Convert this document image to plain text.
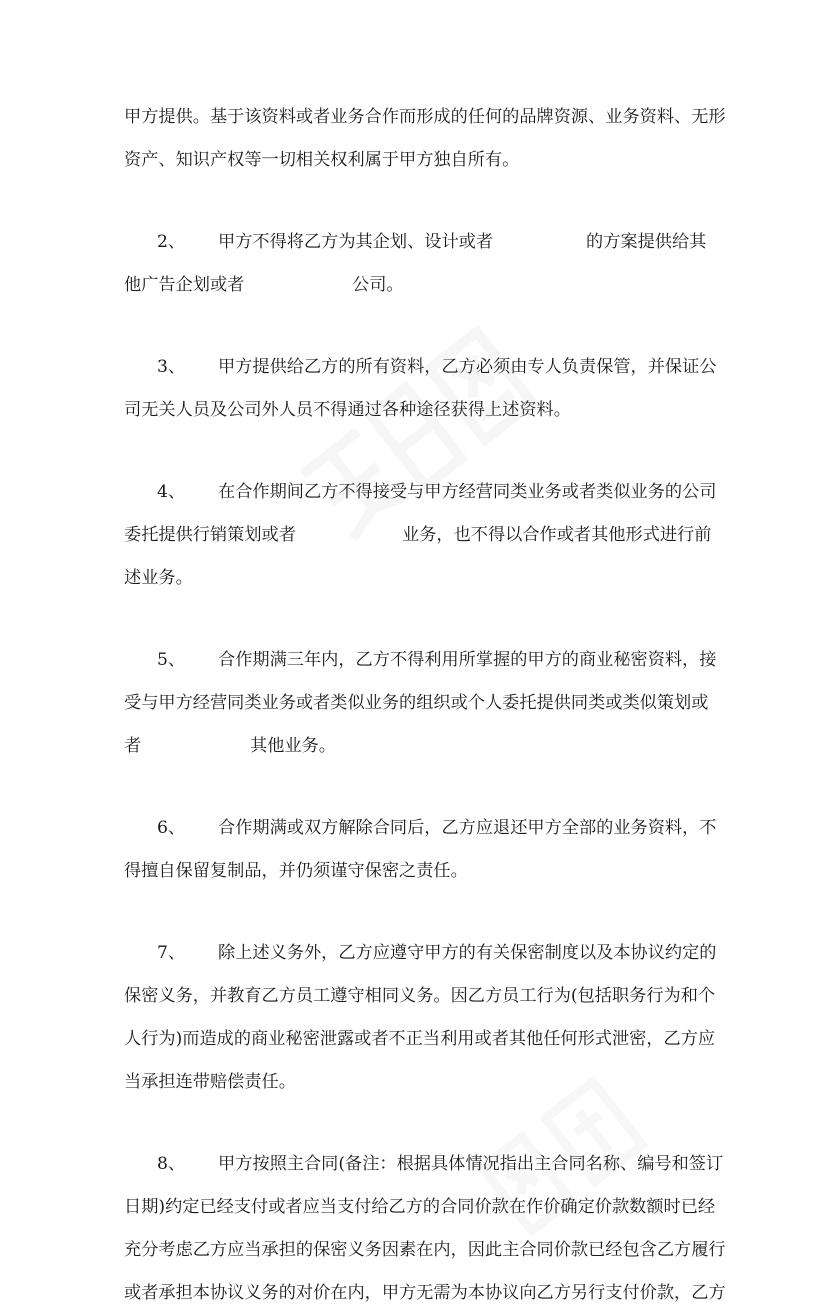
甲方提供。基于该资料或者业务合作而形成的任何的品牌资源、业务资料、无形
资产、知识产权等一切相关权利属于甲方独自所有。
2、 甲方不得将乙方为其企划、设计或者	的方案提供给其
他广告企划或者	公司。
3、 甲方提供给乙方的所有资料，乙方必须由专人负责保管，并保证公
司无关人员及公司外人员不得通过各种途径获得上述资料。
4、 在合作期间乙方不得接受与甲方经营同类业务或者类似业务的公司
委托提供行销策划或者	业务，也不得以合作或者其他形式进行前
述业务。
5、 合作期满三年内，乙方不得利用所掌握的甲方的商业秘密资料，接
受与甲方经营同类业务或者类似业务的组织或个人委托提供同类或类似策划或
者	其他业务。
6、 合作期满或双方解除合同后，乙方应退还甲方全部的业务资料，不
得擅自保留复制品，并仍须谨守保密之责任。
7、 除上述义务外，乙方应遵守甲方的有关保密制度以及本协议约定的
保密义务，并教育乙方员工遵守相同义务。因乙方员工行为(包括职务行为和个
人行为)而造成的商业秘密泄露或者不正当利用或者其他任何形式泄密，乙方应
当承担连带赔偿责任。
8、 甲方按照主合同(备注：根据具体情况指出主合同名称、编号和签订
日期)约定已经支付或者应当支付给乙方的合同价款在作价确定价款数额时已经
充分考虑乙方应当承担的保密义务因素在内，因此主合同价款已经包含乙方履行
或者承担本协议义务的对价在内，甲方无需为本协议向乙方另行支付价款，乙方
